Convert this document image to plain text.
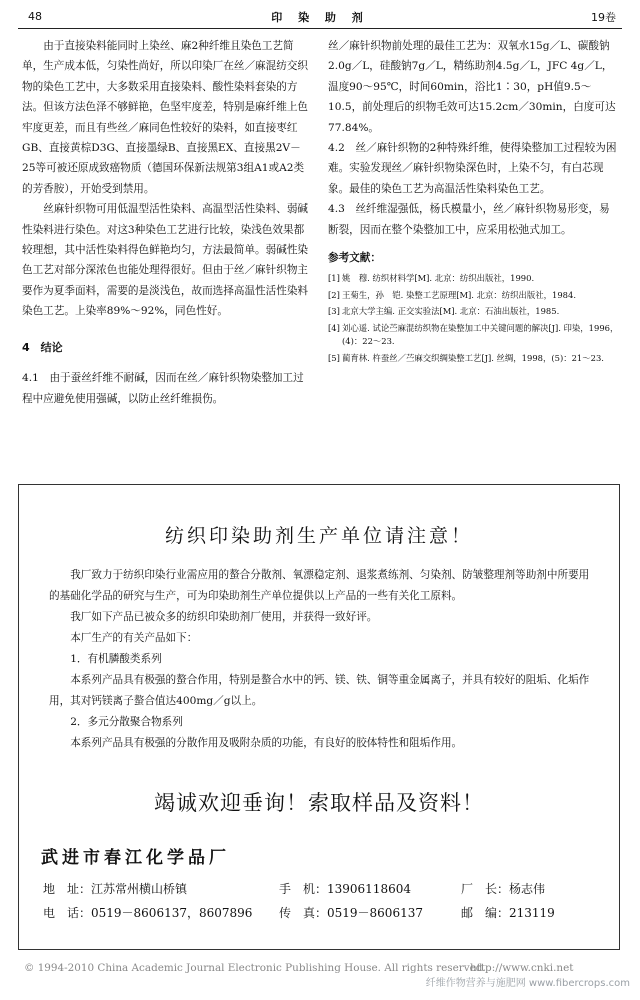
48	印 染 助 剂	19卷

由于直接染料能同时上染丝、麻2种纤维且染色工艺简单，生产成本低，匀染性尚好，所以印染厂在丝／麻混纺交织物的染色工艺中，大多数采用直接染料、酸性染料套染的方法。但该方法色泽不够鲜艳，色坚牢度差，特别是麻纤维上色牢度更差，而且有些丝／麻同色性较好的染料，如直接枣红GB、直接黄棕D3G、直接墨绿B、直接黑EX、直接黑2V－25等可被还原成致癌物质（德国环保新法规第3组A1或A2类的芳香胺），开始受到禁用。

丝麻针织物可用低温型活性染料、高温型活性染料、弱碱性染料进行染色。对这3种染色工艺进行比较，染浅色效果都较理想，其中活性染料得色鲜艳均匀，方法最简单。弱碱性染色工艺对部分深浓色也能处理得很好。但由于丝／麻针织物主要作为夏季面料，需要的是淡浅色，故而选择高温性活性染料染色工艺。上染率89%～92%，同色性好。

4　结论

4.1　由于蚕丝纤维不耐碱，因而在丝／麻针织物染整加工过程中应避免使用强碱，以防止丝纤维损伤。

丝／麻针织物前处理的最佳工艺为：双氧水15g／L、碳酸钠2.0g／L，硅酸钠7g／L，精练助剂4.5g／L，JFC 4g／L，温度90～95℃，时间60min，浴比1∶30，pH值9.5～10.5，前处理后的织物毛效可达15.2cm／30min，白度可达77.84%。

4.2　丝／麻针织物的2种特殊纤维，使得染整加工过程较为困难。实验发现丝／麻针织物染深色时，上染不匀，有白芯现象。最佳的染色工艺为高温活性染料染色工艺。

4.3　丝纤维湿强低，杨氏模量小，丝／麻针织物易形变，易断裂，因而在整个染整加工中，应采用松弛式加工。

参考文献：

[1] 姚　穆. 纺织材料学[M]. 北京：纺织出版社，1990.
[2] 王菊生，孙　铠. 染整工艺原理[M]. 北京：纺织出版社，1984.
[3] 北京大学主编. 正交实验法[M]. 北京：石油出版社，1985.
[4] 刘心遥. 试论苎麻混纺织物在染整加工中关键问题的解决[J]. 印染，1996，(4)：22～23.
[5] 蔺育林. 杵蚕丝／苎麻交织绸染整工艺[J]. 丝绸，1998，(5)：21～23.
纺织印染助剂生产单位请注意！

我厂致力于纺织印染行业需应用的螯合分散剂、氧漂稳定剂、退浆煮练剂、匀染剂、防皱整理剂等助剂中所要用的基础化学品的研究与生产，可为印染助剂生产单位提供以上产品的一些有关化工原料。

我厂如下产品已被众多的纺织印染助剂厂使用，并获得一致好评。

本厂生产的有关产品如下：

1．有机膦酸类系列

本系列产品具有极强的螯合作用，特别是螯合水中的钙、镁、铁、铜等重金属离子，并具有较好的阻垢、化垢作用，其对钙镁离子螯合值达400mg／g以上。

2．多元分散聚合物系列

本系列产品具有极强的分散作用及吸附杂质的功能，有良好的胶体特性和阻垢作用。

竭诚欢迎垂询！索取样品及资料！
武进市春江化学品厂
地　址：江苏常州横山桥镇	手　机：13906118604	厂　长：杨志伟
电　话：0519－8606137，8607896 传　真：0519－8606137	邮　编：213119
© 1994-2010 China Academic Journal Electronic Publishing House. All rights reserved.
http://www.cnki.net
纤维作物营养与施肥网 www.fibercrops.com
